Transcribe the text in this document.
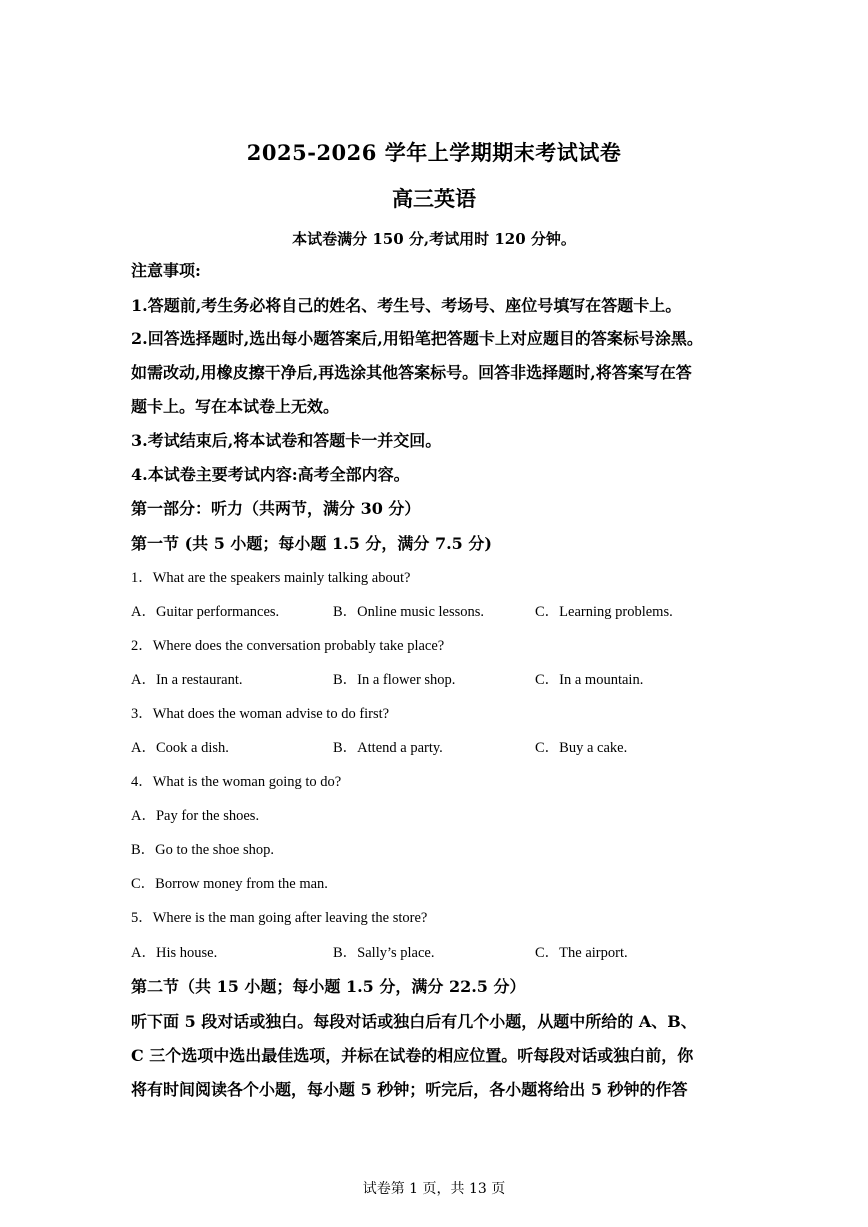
2025-2026 学年上学期期末考试试卷
高三英语
本试卷满分 150 分,考试用时 120 分钟。
注意事项:
1.答题前,考生务必将自己的姓名、考生号、考场号、座位号填写在答题卡上。
2.回答选择题时,选出每小题答案后,用铅笔把答题卡上对应题目的答案标号涂黑。
如需改动,用橡皮擦干净后,再选涂其他答案标号。回答非选择题时,将答案写在答
题卡上。写在本试卷上无效。
3.考试结束后,将本试卷和答题卡一并交回。
4.本试卷主要考试内容:高考全部内容。
第一部分：听力（共两节，满分 30 分）
第一节 (共 5 小题；每小题 1.5 分，满分 7.5 分)
1．What are the speakers mainly talking about?
A．Guitar performances.	B．Online music lessons.	C．Learning problems.
2．Where does the conversation probably take place?
A．In a restaurant.	B．In a flower shop.	C．In a mountain.
3．What does the woman advise to do first?
A．Cook a dish.	B．Attend a party.	C．Buy a cake.
4．What is the woman going to do?
A．Pay for the shoes.
B．Go to the shoe shop.
C．Borrow money from the man.
5．Where is the man going after leaving the store?
A．His house.	B．Sally’s place.	C．The airport.
第二节（共 15 小题；每小题 1.5 分，满分 22.5 分）
听下面 5 段对话或独白。每段对话或独白后有几个小题，从题中所给的 A、B、
C 三个选项中选出最佳选项，并标在试卷的相应位置。听每段对话或独白前，你
将有时间阅读各个小题，每小题 5 秒钟；听完后，各小题将给出 5 秒钟的作答
试卷第 1 页，共 13 页
